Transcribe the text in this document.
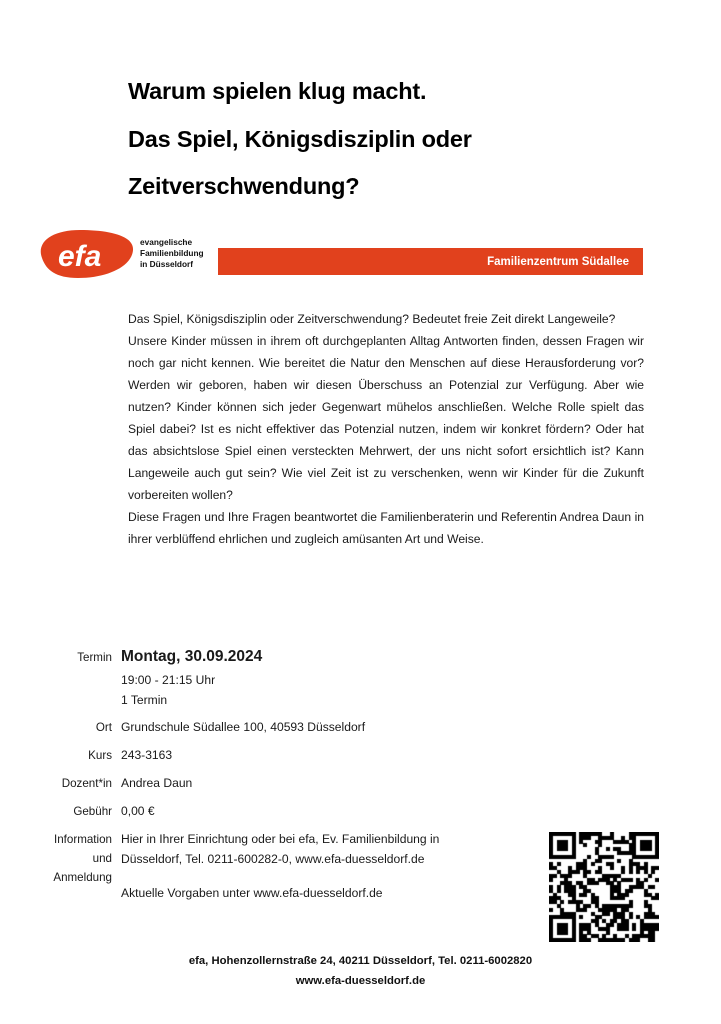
Warum spielen klug macht.
Das Spiel, Königsdisziplin oder
Zeitverschwendung?
efa	evangelische
Familienbildung
in Düsseldorf	Familienzentrum Südallee

Das Spiel, Königsdisziplin oder Zeitverschwendung? Bedeutet freie Zeit direkt Langeweile?

Unsere Kinder müssen in ihrem oft durchgeplanten Alltag Antworten finden, dessen Fragen wir noch gar nicht kennen. Wie bereitet die Natur den Menschen auf diese Herausforderung vor? Werden wir geboren, haben wir diesen Überschuss an Potenzial zur Verfügung. Aber wie nutzen? Kinder können sich jeder Gegenwart mühelos anschließen. Welche Rolle spielt das Spiel dabei? Ist es nicht effektiver das Potenzial nutzen, indem wir konkret fördern? Oder hat das absichtslose Spiel einen versteckten Mehrwert, der uns nicht sofort ersichtlich ist? Kann Langeweile auch gut sein? Wie viel Zeit ist zu verschenken, wenn wir Kinder für die Zukunft vorbereiten wollen?

Diese Fragen und Ihre Fragen beantwortet die Familienberaterin und Referentin Andrea Daun in ihrer verblüffend ehrlichen und zugleich amüsanten Art und Weise.

Termin Montag, 30.09.2024
19:00 - 21:15 Uhr
1 Termin
Ort Grundschule Südallee 100, 40593 Düsseldorf
Kurs 243-3163
Dozent*in Andrea Daun
Gebühr 0,00 €
Information
und
Anmeldung
Hier in Ihrer Einrichtung oder bei efa, Ev. Familienbildung in
Düsseldorf, Tel. 0211-600282-0, www.efa-duesseldorf.de
Aktuelle Vorgaben unter www.efa-duesseldorf.de
efa, Hohenzollernstraße 24, 40211 Düsseldorf, Tel. 0211-6002820
www.efa-duesseldorf.de
